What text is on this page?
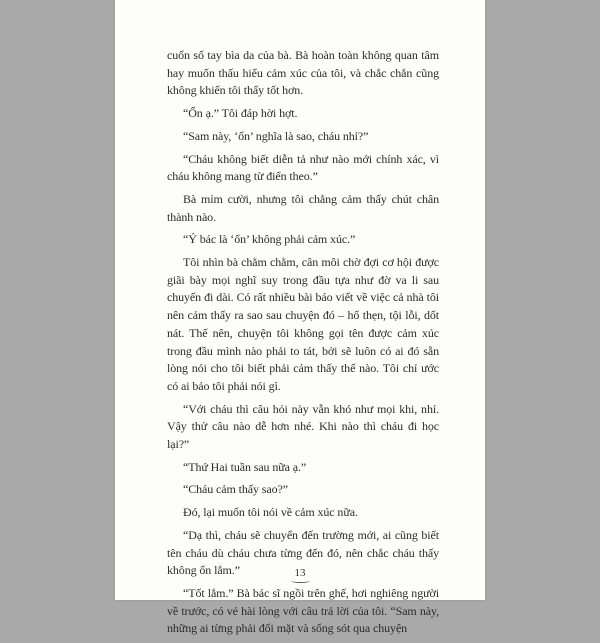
cuốn sổ tay bìa da của bà. Bà hoàn toàn không quan tâm hay muốn thấu hiểu cảm xúc của tôi, và chắc chắn cũng không khiến tôi thấy tốt hơn.

“Ổn ạ.” Tôi đáp hời hợt.

“Sam này, ‘ổn’ nghĩa là sao, cháu nhỉ?”

“Cháu không biết diễn tả như nào mới chính xác, vì cháu không mang từ điển theo.”

Bà mỉm cười, nhưng tôi chẳng cảm thấy chút chân thành nào.

“Ý bác là ‘ổn’ không phải cảm xúc.”

Tôi nhìn bà chằm chằm, cân môi chờ đợi cơ hội được giãi bày mọi nghĩ suy trong đầu tựa như đờ va li sau chuyến đi dài. Có rất nhiều bài báo viết về việc cả nhà tôi nên cảm thấy ra sao sau chuyện đó – hổ thẹn, tội lỗi, dốt nát. Thế nên, chuyện tôi không gọi tên được cảm xúc trong đầu mình nào phải to tát, bởi sẽ luôn có ai đó sẵn lòng nói cho tôi biết phải cảm thấy thế nào. Tôi chỉ ước có ai bảo tôi phải nói gì.

“Với cháu thì câu hỏi này vẫn khó như mọi khi, nhỉ. Vậy thử câu nào dễ hơn nhé. Khi nào thì cháu đi học lại?”

“Thứ Hai tuần sau nữa ạ.”

“Cháu cảm thấy sao?”

Đó, lại muốn tôi nói về cảm xúc nữa.

“Dạ thì, cháu sẽ chuyển đến trường mới, ai cũng biết tên cháu dù cháu chưa từng đến đó, nên chắc cháu thấy không ổn lắm.”

“Tốt lắm.” Bà bác sĩ ngồi trên ghế, hơi nghiêng người về trước, có vẻ hài lòng với câu trả lời của tôi. “Sam này, những ai từng phải đối mặt và sống sót qua chuyện

13
